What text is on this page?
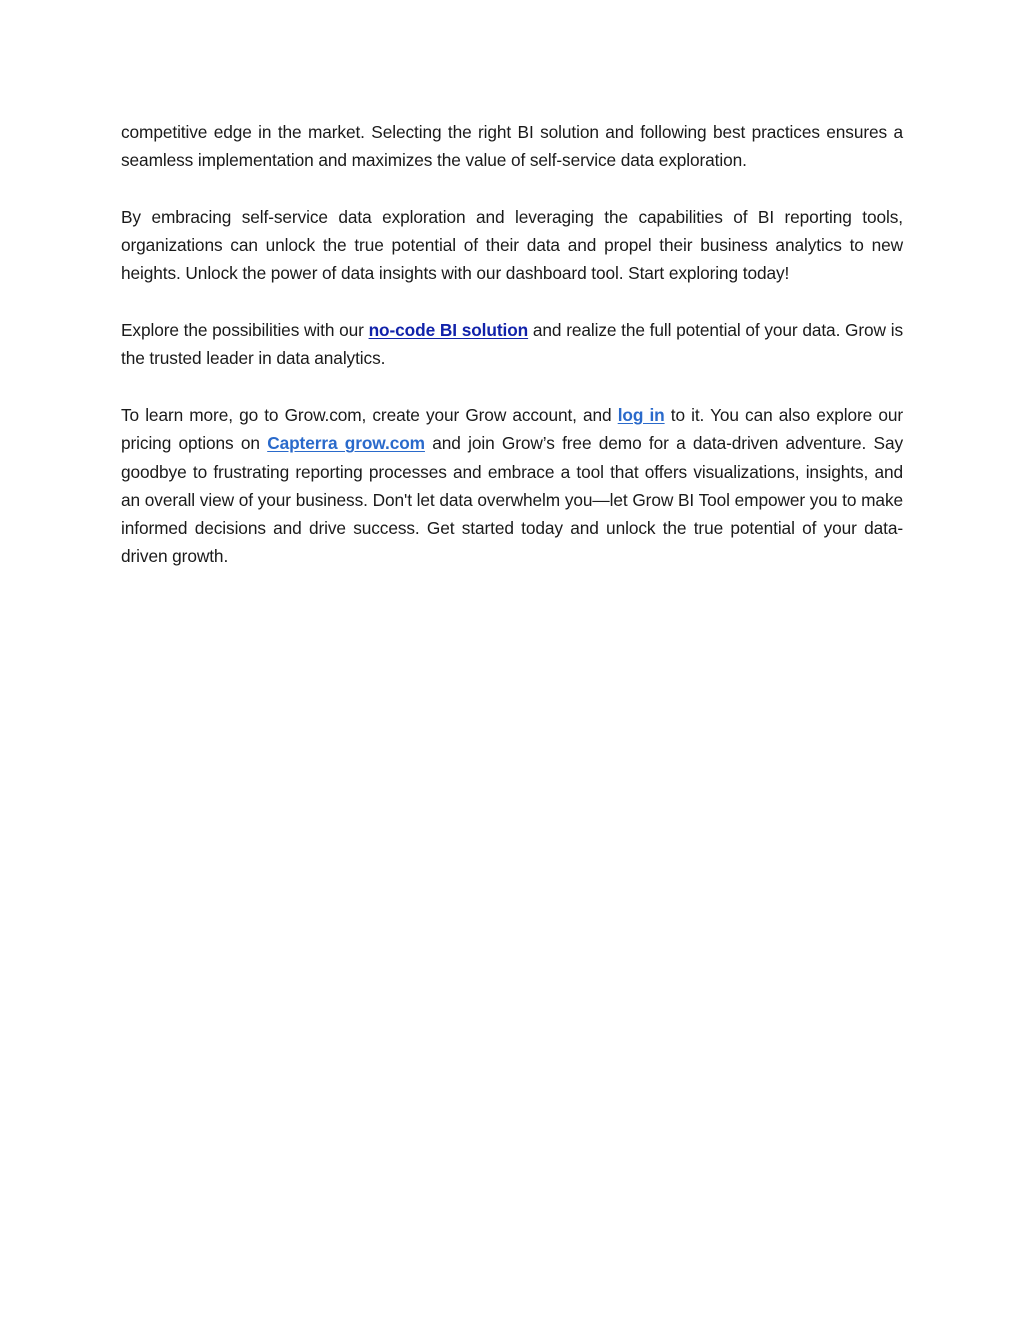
competitive edge in the market. Selecting the right BI solution and following best practices ensures a seamless implementation and maximizes the value of self-service data exploration.

By embracing self-service data exploration and leveraging the capabilities of BI reporting tools, organizations can unlock the true potential of their data and propel their business analytics to new heights. Unlock the power of data insights with our dashboard tool. Start exploring today!

Explore the possibilities with our no-code BI solution and realize the full potential of your data. Grow is the trusted leader in data analytics.

To learn more, go to Grow.com, create your Grow account, and log in to it. You can also explore our pricing options on Capterra grow.com and join Grow’s free demo for a data-driven adventure. Say goodbye to frustrating reporting processes and embrace a tool that offers visualizations, insights, and an overall view of your business. Don't let data overwhelm you—let Grow BI Tool empower you to make informed decisions and drive success. Get started today and unlock the true potential of your data-driven growth.
